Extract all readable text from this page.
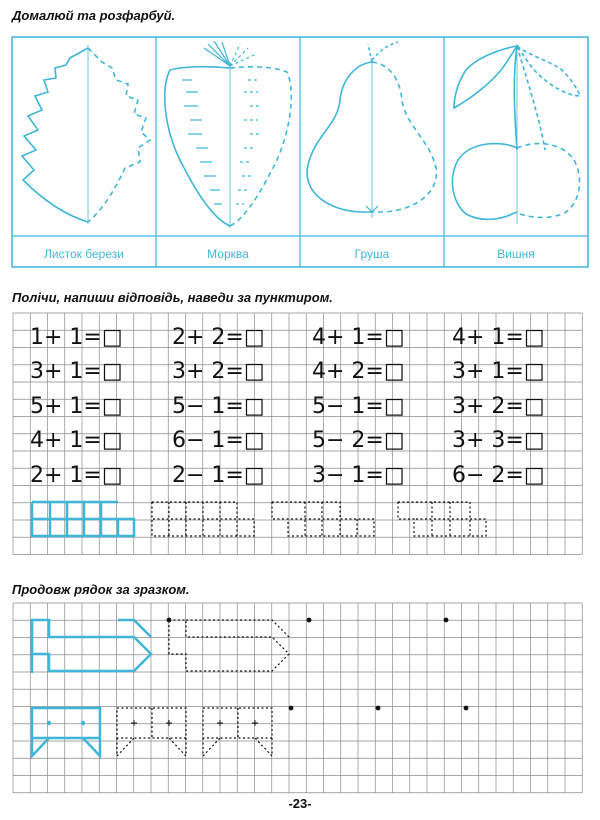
Домалюй та розфарбуй.
Полічи, напиши відповідь, наведи за пунктиром.
Продовж рядок за зразком.
Листок берези	Морква	Груша	Вишня
1+ 1=□ 2+ 2=□ 4+ 1=□ 4+ 1=□
3+ 1=□ 3+ 2=□ 4+ 2=□ 3+ 1=□
5+ 1=□ 5− 1=□ 5− 1=□ 3+ 2=□
4+ 1=□ 6− 1=□ 5− 2=□ 3+ 3=□
2+ 1=□ 2− 1=□ 3− 1=□ 6− 2=□
-23-
